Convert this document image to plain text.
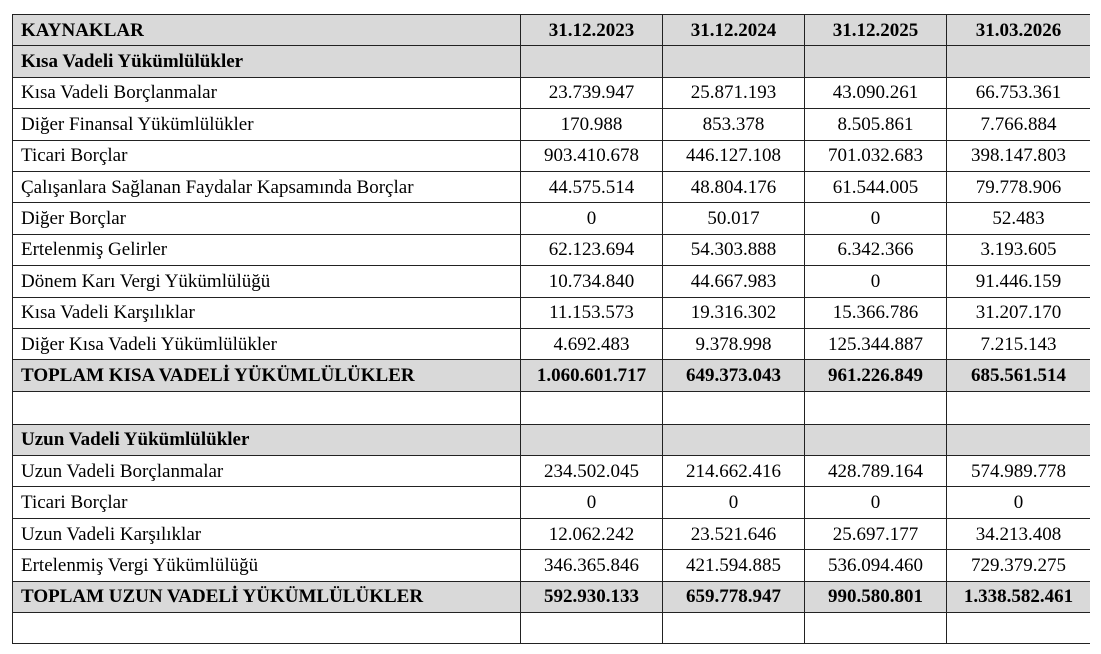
KAYNAKLAR	31.12.2023	31.12.2024	31.12.2025	31.03.2026
Kısa Vadeli Yükümlülükler				
Kısa Vadeli Borçlanmalar	23.739.947	25.871.193	43.090.261	66.753.361
Diğer Finansal Yükümlülükler	170.988	853.378	8.505.861	7.766.884
Ticari Borçlar	903.410.678	446.127.108	701.032.683	398.147.803
Çalışanlara Sağlanan Faydalar Kapsamında Borçlar	44.575.514	48.804.176	61.544.005	79.778.906
Diğer Borçlar	0	50.017	0	52.483
Ertelenmiş Gelirler	62.123.694	54.303.888	6.342.366	3.193.605
Dönem Karı Vergi Yükümlülüğü	10.734.840	44.667.983	0	91.446.159
Kısa Vadeli Karşılıklar	11.153.573	19.316.302	15.366.786	31.207.170
Diğer Kısa Vadeli Yükümlülükler	4.692.483	9.378.998	125.344.887	7.215.143
TOPLAM KISA VADELİ YÜKÜMLÜLÜKLER	1.060.601.717	649.373.043	961.226.849	685.561.514

Uzun Vadeli Yükümlülükler				
Uzun Vadeli Borçlanmalar	234.502.045	214.662.416	428.789.164	574.989.778
Ticari Borçlar	0	0	0	0
Uzun Vadeli Karşılıklar	12.062.242	23.521.646	25.697.177	34.213.408
Ertelenmiş Vergi Yükümlülüğü	346.365.846	421.594.885	536.094.460	729.379.275
TOPLAM UZUN VADELİ YÜKÜMLÜLÜKLER	592.930.133	659.778.947	990.580.801	1.338.582.461
